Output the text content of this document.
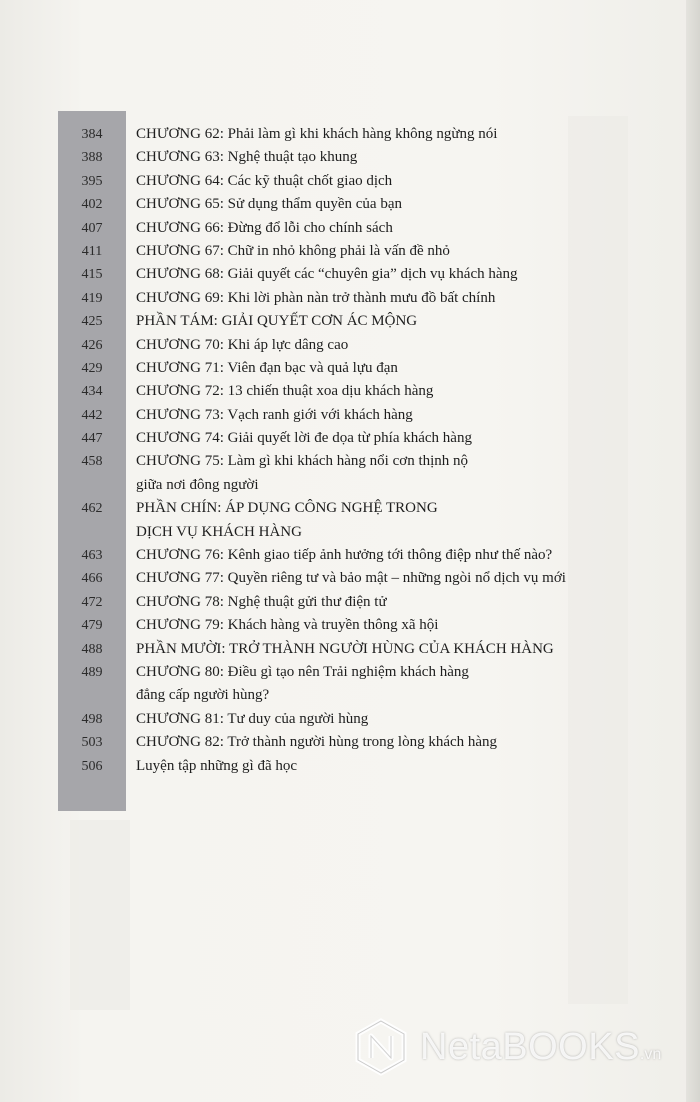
384	CHƯƠNG 62: Phải làm gì khi khách hàng không ngừng nói
388	CHƯƠNG 63: Nghệ thuật tạo khung
395	CHƯƠNG 64: Các kỹ thuật chốt giao dịch
402	CHƯƠNG 65: Sử dụng thẩm quyền của bạn
407	CHƯƠNG 66: Đừng đổ lỗi cho chính sách
411	CHƯƠNG 67: Chữ in nhỏ không phải là vấn đề nhỏ
415	CHƯƠNG 68: Giải quyết các “chuyên gia” dịch vụ khách hàng
419	CHƯƠNG 69: Khi lời phàn nàn trở thành mưu đồ bất chính
425	PHẦN TÁM: GIẢI QUYẾT CƠN ÁC MỘNG
426	CHƯƠNG 70: Khi áp lực dâng cao
429	CHƯƠNG 71: Viên đạn bạc và quả lựu đạn
434	CHƯƠNG 72: 13 chiến thuật xoa dịu khách hàng
442	CHƯƠNG 73: Vạch ranh giới với khách hàng
447	CHƯƠNG 74: Giải quyết lời đe dọa từ phía khách hàng
458	CHƯƠNG 75: Làm gì khi khách hàng nổi cơn thịnh nộ
giữa nơi đông người
462	PHẦN CHÍN: ÁP DỤNG CÔNG NGHỆ TRONG
DỊCH VỤ KHÁCH HÀNG
463	CHƯƠNG 76: Kênh giao tiếp ảnh hưởng tới thông điệp như thế nào?
466	CHƯƠNG 77: Quyền riêng tư và bảo mật – những ngòi nổ dịch vụ mới
472	CHƯƠNG 78: Nghệ thuật gửi thư điện tử
479	CHƯƠNG 79: Khách hàng và truyền thông xã hội
488	PHẦN MƯỜI: TRỞ THÀNH NGƯỜI HÙNG CỦA KHÁCH HÀNG
489	CHƯƠNG 80: Điều gì tạo nên Trải nghiệm khách hàng
đẳng cấp người hùng?
498	CHƯƠNG 81: Tư duy của người hùng
503	CHƯƠNG 82: Trở thành người hùng trong lòng khách hàng
506	Luyện tập những gì đã học
NetaBOOKS.vn
